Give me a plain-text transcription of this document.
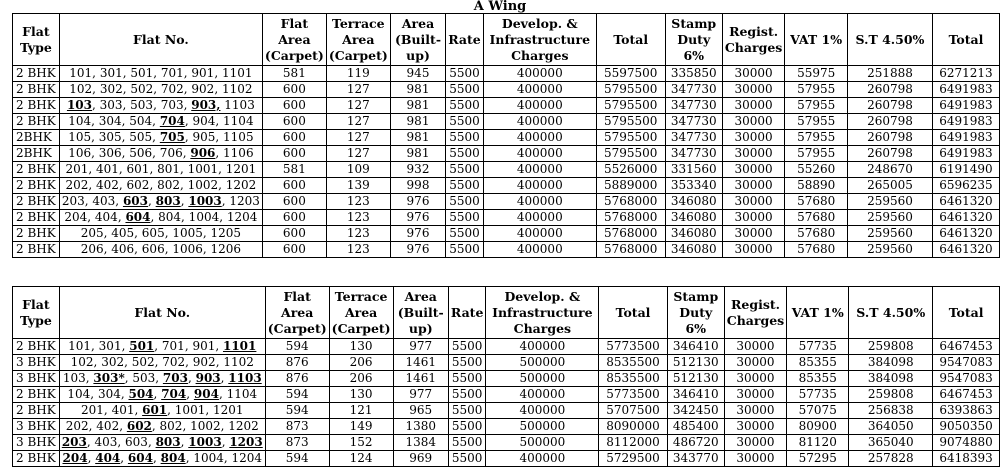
A Wing
Flat Type	Flat No.	Flat Area (Carpet)	Terrace Area (Carpet)	Area (Built-up)	Rate	Develop. & Infrastructure Charges	Total	Stamp Duty 6%	Regist. Charges	VAT 1%	S.T 4.50%	Total
2 BHK	101, 301, 501, 701, 901, 1101	581	119	945	5500	400000	5597500	335850	30000	55975	251888	6271213
2 BHK	102, 302, 502, 702, 902, 1102	600	127	981	5500	400000	5795500	347730	30000	57955	260798	6491983
2 BHK	103, 303, 503, 703, 903, 1103	600	127	981	5500	400000	5795500	347730	30000	57955	260798	6491983
2 BHK	104, 304, 504, 704, 904, 1104	600	127	981	5500	400000	5795500	347730	30000	57955	260798	6491983
2BHK	105, 305, 505, 705, 905, 1105	600	127	981	5500	400000	5795500	347730	30000	57955	260798	6491983
2BHK	106, 306, 506, 706, 906, 1106	600	127	981	5500	400000	5795500	347730	30000	57955	260798	6491983
2 BHK	201, 401, 601, 801, 1001, 1201	581	109	932	5500	400000	5526000	331560	30000	55260	248670	6191490
2 BHK	202, 402, 602, 802, 1002, 1202	600	139	998	5500	400000	5889000	353340	30000	58890	265005	6596235
2 BHK	203, 403, 603, 803, 1003, 1203	600	123	976	5500	400000	5768000	346080	30000	57680	259560	6461320
2 BHK	204, 404, 604, 804, 1004, 1204	600	123	976	5500	400000	5768000	346080	30000	57680	259560	6461320
2 BHK	205, 405, 605, 1005, 1205	600	123	976	5500	400000	5768000	346080	30000	57680	259560	6461320
2 BHK	206, 406, 606, 1006, 1206	600	123	976	5500	400000	5768000	346080	30000	57680	259560	6461320
Flat Type	Flat No.	Flat Area (Carpet)	Terrace Area (Carpet)	Area (Built-up)	Rate	Develop. & Infrastructure Charges	Total	Stamp Duty 6%	Regist. Charges	VAT 1%	S.T 4.50%	Total
2 BHK	101, 301, 501, 701, 901, 1101	594	130	977	5500	400000	5773500	346410	30000	57735	259808	6467453
3 BHK	102, 302, 502, 702, 902, 1102	876	206	1461	5500	500000	8535500	512130	30000	85355	384098	9547083
3 BHK	103, 303*, 503, 703, 903, 1103	876	206	1461	5500	500000	8535500	512130	30000	85355	384098	9547083
2 BHK	104, 304, 504, 704, 904, 1104	594	130	977	5500	400000	5773500	346410	30000	57735	259808	6467453
2 BHK	201, 401, 601, 1001, 1201	594	121	965	5500	400000	5707500	342450	30000	57075	256838	6393863
3 BHK	202, 402, 602, 802, 1002, 1202	873	149	1380	5500	500000	8090000	485400	30000	80900	364050	9050350
3 BHK	203, 403, 603, 803, 1003, 1203	873	152	1384	5500	500000	8112000	486720	30000	81120	365040	9074880
2 BHK	204, 404, 604, 804, 1004, 1204	594	124	969	5500	400000	5729500	343770	30000	57295	257828	6418393
